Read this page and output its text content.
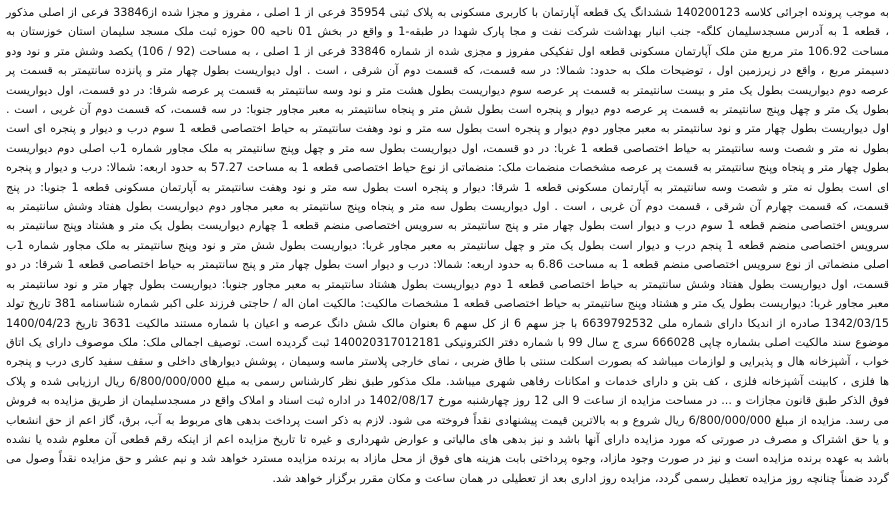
به موجب پرونده اجرائی کلاسه 140200123 ششدانگ یک قطعه آپارتمان با کاربری مسکونی به پلاک ثبتی 35954 فرعی از 1 اصلی ، مفروز و مجزا شده از33846 فرعی از اصلی مذکور ، قطعه 1 به آدرس مسجدسلیمان کلگه- جنب انبار بهداشت شرکت نفت و مجا پارک شهدا در طبقه-1 و واقع در بخش 01 ناحیه 00 حوزه ثبت ملک مسجد سلیمان استان خوزستان به مساحت 106.92 متر مربع متن ملک آپارتمان مسکونی قطعه اول تفکیکی مفروز و مجزی شده از شماره 33846 فرعی از 1 اصلی ، به مساحت (92 / 106) یکصد وشش متر و نود ودو دسیمتر مربع ، واقع در زیرزمین اول ، توضیحات ملک به حدود: شمالا: در سه قسمت، که قسمت دوم آن شرقی ، است . اول دیواریست بطول چهار متر و پانزده سانتیمتر به قسمت پر عرصه دوم دیواریست بطول یک متر و بیست سانتیمتر به قسمت پر عرصه سوم دیواریست بطول هشت متر و نود وسه سانتیمتر به قسمت پر عرصه شرقا: در دو قسمت، اول دیواریست بطول یک متر و چهل وپنج سانتیمتر به قسمت پر عرصه دوم دیوار و پنجره است بطول شش متر و پنجاه سانتیمتر به معبر مجاور جنوبا: در سه قسمت، که قسمت دوم آن غربی ، است . اول دیواریست بطول چهار متر و نود سانتیمتر به معبر مجاور دوم دیوار و پنجره است بطول سه متر و نود وهفت سانتیمتر به حیاط اختصاصی قطعه 1 سوم درب و دیوار و پنجره ای است بطول نه متر و شصت وسه سانتیمتر به حیاط اختصاصی قطعه 1 غربا: در دو قسمت، اول دیواریست بطول سه متر و چهل وپنج سانتیمتر به ملک مجاور شماره 1ب اصلی دوم دیواریست بطول چهار متر و پنجاه وپنج سانتیمتر به قسمت پر عرصه مشخصات منضمات ملک: منضماتی از نوع حیاط اختصاصی قطعه 1 به مساحت 57.27 به حدود اربعه: شمالا: درب و دیوار و پنجره ای است بطول نه متر و شصت وسه سانتیمتر به آپارتمان مسکونی قطعه 1 شرقا: دیوار و پنجره است بطول سه متر و نود وهفت سانتیمتر به آپارتمان مسکونی قطعه 1 جنوبا: در پنج قسمت، که قسمت چهارم آن شرقی ، قسمت دوم آن غربی ، است . اول دیواریست بطول سه متر و پنجاه وپنج سانتیمتر به معبر مجاور دوم دیواریست بطول هفتاد وشش سانتیمتر به سرویس اختصاصی منضم قطعه 1 سوم درب و دیوار است بطول چهار متر و پنج سانتیمتر به سرویس اختصاصی منضم قطعه 1 چهارم دیواریست بطول یک متر و هشتاد وپنج سانتیمتر به سرویس اختصاصی منضم قطعه 1 پنجم درب و دیوار است بطول یک متر و چهل سانتیمتر به معبر مجاور غربا: دیواریست بطول شش متر و نود وپنج سانتیمتر به ملک مجاور شماره 1ب اصلی منضماتی از نوع سرویس اختصاصی منضم قطعه 1 به مساحت 6.86 به حدود اربعه: شمالا: درب و دیوار است بطول چهار متر و پنج سانتیمتر به حیاط اختصاصی قطعه 1 شرقا: در دو قسمت، اول دیواریست بطول هفتاد وشش سانتیمتر به حیاط اختصاصی قطعه 1 دوم دیواریست بطول هشتاد سانتیمتر به معبر مجاور جنوبا: دیواریست بطول چهار متر و نود سانتیمتر به معبر مجاور غربا: دیواریست بطول یک متر و هشتاد وپنج سانتیمتر به حیاط اختصاصی قطعه 1 مشخصات مالکیت: مالکیت امان اله / حاجتی فرزند علی اکبر شماره شناسنامه 381 تاریخ تولد 1342/03/15 صادره از اندیکا دارای شماره ملی 6639792532 با جز سهم 6 از کل سهم 6 بعنوان مالک شش دانگ عرصه و اعیان با شماره مستند مالکیت 3631 تاریخ 1400/04/23 موضوع سند مالکیت اصلی بشماره چاپی 666028 سری ج سال 99 با شماره دفتر الکترونیکی 140020317012181 ثبت گردیده است. توصیف اجمالی ملک: ملک موصوف دارای یک اتاق خواب ، آشپزخانه هال و پذیرایی و لوازمات میباشد که بصورت اسکلت سنتی با طاق ضربی ، نمای خارجی پلاستر ماسه وسیمان ، پوشش دیوارهای داخلی و سقف سفید کاری درب و پنجره ها فلزی ، کابینت آشپزخانه فلزی ، کف بتن و دارای خدمات و امکانات رفاهی شهری میباشد. ملک مذکور طبق نظر کارشناس رسمی به مبلغ 6/800/000/000 ریال ارزیابی شده و پلاک فوق الذکر طبق قانون مجازات و ... در مساحت مزایده از ساعت 9 الی 12 روز چهارشنبه مورخ 1402/08/17 در اداره ثبت اسناد و املاک واقع در مسجدسلیمان از طریق مزایده به فروش می رسد. مزایده از مبلغ 6/800/000/000 ریال شروع و به بالاترین قیمت پیشنهادی نقداً فروخته می شود. لازم به ذکر است پرداخت بدهی های مربوط به آب، برق، گاز اعم از حق انشعاب و یا حق اشتراک و مصرف در صورتی که مورد مزایده دارای آنها باشد و نیز بدهی های مالیاتی و عوارض شهرداری و غیره تا تاریخ مزایده اعم از اینکه رقم قطعی آن معلوم شده یا نشده باشد به عهده برنده مزایده است و نیز در صورت وجود مازاد، وجوه پرداختی بابت هزینه های فوق از محل مازاد به برنده مزایده مسترد خواهد شد و نیم عشر و حق مزایده نقداً وصول می گردد ضمناً چنانچه روز مزایده تعطیل رسمی گردد، مزایده روز اداری بعد از تعطیلی در همان ساعت و مکان مقرر برگزار خواهد شد.
